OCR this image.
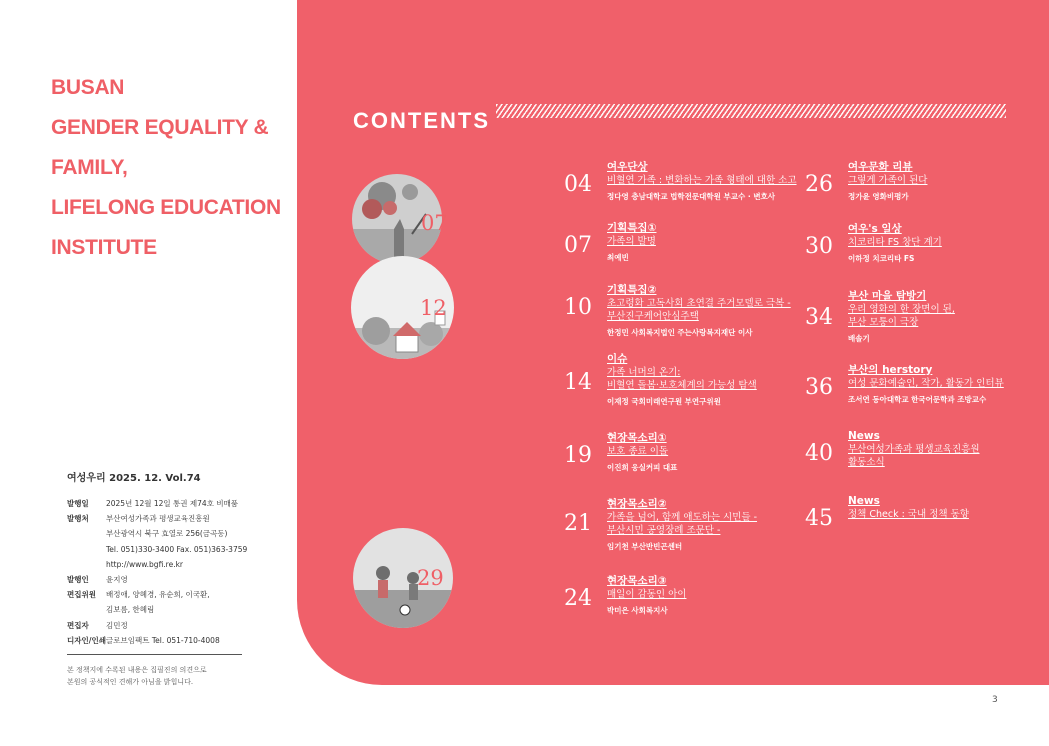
BUSAN
GENDER EQUALITY &
FAMILY,
LIFELONG EDUCATION
INSTITUTE
CONTENTS
07
12
29
04
여우단상
비혈연 가족 : 변화하는 가족 형태에 대한 소고
정다영 충남대학교 법학전문대학원 부교수 · 변호사
07
기획특집①
가족의 발명
최예빈
10
기획특집②
초고령화 고독사회 초연결 주거모델로 극복 -
부산진구케어안심주택
한정민 사회복지법인 주는사랑복지재단 이사
14
이슈
가족 너머의 온기:
비혈연 돌봄·보호체계의 가능성 탐색
이재정 국회미래연구원 부연구위원
19
현장목소리①
보호 종료 이돌
이진희 웅실커피 대표
21
현장목소리②
가족을 넘어, 함께 애도하는 시민들 -
부산시민 공영장례 조문단 -
임기천 부산반빈곤센터
24
현장목소리③
매일이 감동인 아이
박미은 사회복지사
26
여우문화 리뷰
그렇게 가족이 된다
정가윤 영화비평가
30
여우's 일상
치코리타 FS 창단 계기
이하정 치코리타 FS
34
부산 마을 탐방기
우리 영화의 한 장면이 된,
부산 모퉁이 극장
배솔기
36
부산의 herstory
여성 문화예술인, 작가, 활동가 인터뷰
조서연 동아대학교 한국어문학과 조방교수
40
News
부산여성가족과 평생교육진흥원
활동소식
45
News
정책 Check : 국내 정책 동향
여성우리 2025. 12. Vol.74
발행일	2025년 12월 12일 통권 제74호 비매품

발행처	부산여성가족과 평생교육진흥원
부산광역시 북구 효열로 256(금곡동)
Tel. 051)330-3400 Fax. 051)363-3759
http://www.bgfi.re.kr

발행인	윤지영

편집위원	배정애, 양혜경, 유순희, 이국환,
김보름, 한혜림

편집자	김민정

디자인/인쇄	글로브임팩트 Tel. 051-710-4008
본 정책지에 수록된 내용은 집필진의 의견으로
본원의 공식적인 견해가 아님을 밝힙니다.
3
